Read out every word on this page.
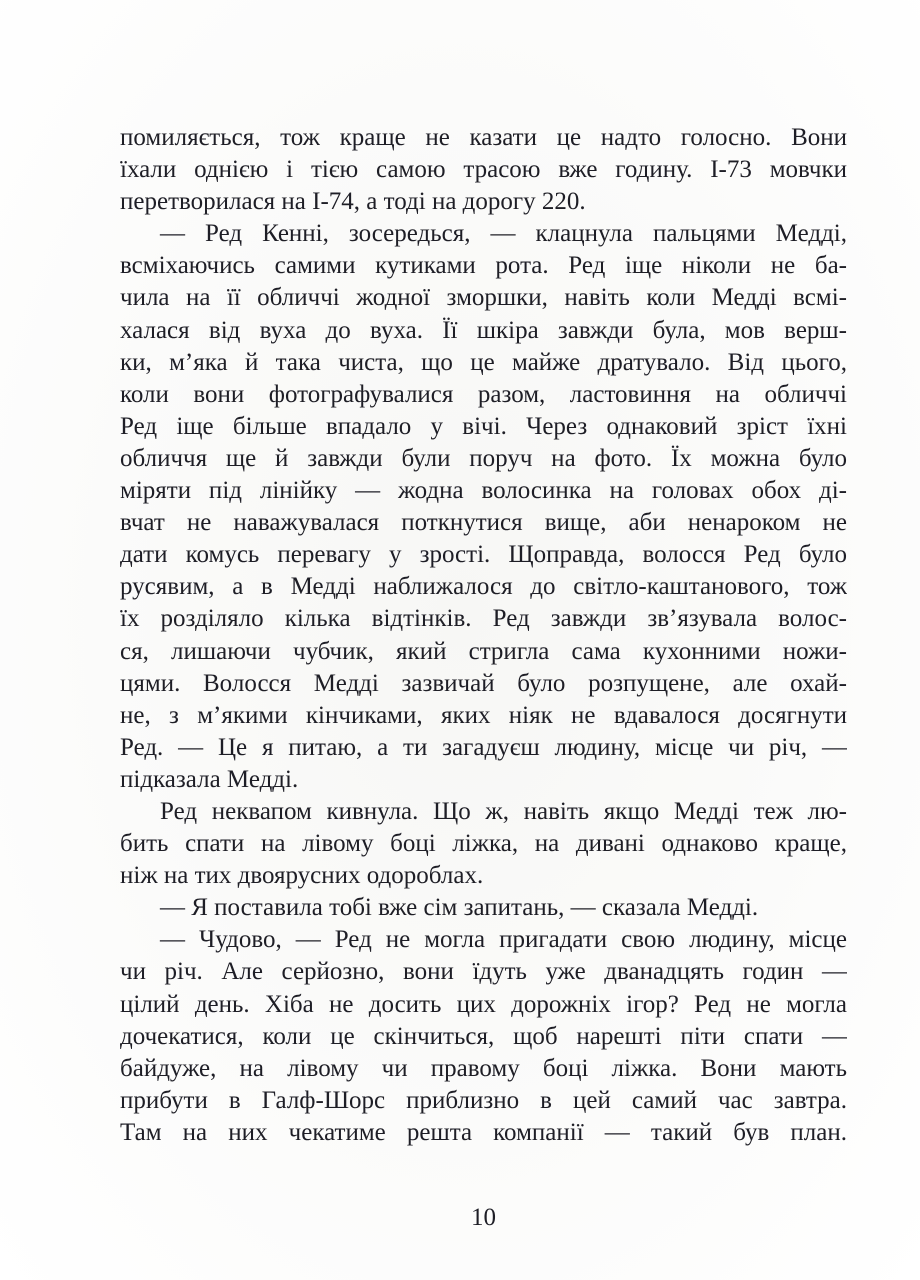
помиляється, тож краще не казати це надто голосно. Вони
їхали однією і тією самою трасою вже годину. І-73 мовчки
перетворилася на І-74, а тоді на дорогу 220.
— Ред Кенні, зосередься, — клацнула пальцями Медді,
всміхаючись самими кутиками рота. Ред іще ніколи не ба-
чила на її обличчі жодної зморшки, навіть коли Медді всмі-
халася від вуха до вуха. Її шкіра завжди була, мов верш-
ки, м’яка й така чиста, що це майже дратувало. Від цього,
коли вони фотографувалися разом, ластовиння на обличчі
Ред іще більше впадало у вічі. Через однаковий зріст їхні
обличчя ще й завжди були поруч на фото. Їх можна було
міряти під лінійку — жодна волосинка на головах обох ді-
вчат не наважувалася поткнутися вище, аби ненароком не
дати комусь перевагу у зрості. Щоправда, волосся Ред було
русявим, а в Медді наближалося до світло-каштанового, тож
їх розділяло кілька відтінків. Ред завжди зв’язувала волос-
ся, лишаючи чубчик, який стригла сама кухонними ножи-
цями. Волосся Медді зазвичай було розпущене, але охай-
не, з м’якими кінчиками, яких ніяк не вдавалося досягнути
Ред. — Це я питаю, а ти загадуєш людину, місце чи річ, —
підказала Медді.
Ред неквапом кивнула. Що ж, навіть якщо Медді теж лю-
бить спати на лівому боці ліжка, на дивані однаково краще,
ніж на тих двоярусних одороблах.
— Я поставила тобі вже сім запитань, — сказала Медді.
— Чудово, — Ред не могла пригадати свою людину, місце
чи річ. Але серйозно, вони їдуть уже дванадцять годин —
цілий день. Хіба не досить цих дорожніх ігор? Ред не могла
дочекатися, коли це скінчиться, щоб нарешті піти спати —
байдуже, на лівому чи правому боці ліжка. Вони мають
прибути в Галф-Шорс приблизно в цей самий час завтра.
Там на них чекатиме решта компанії — такий був план.
10
